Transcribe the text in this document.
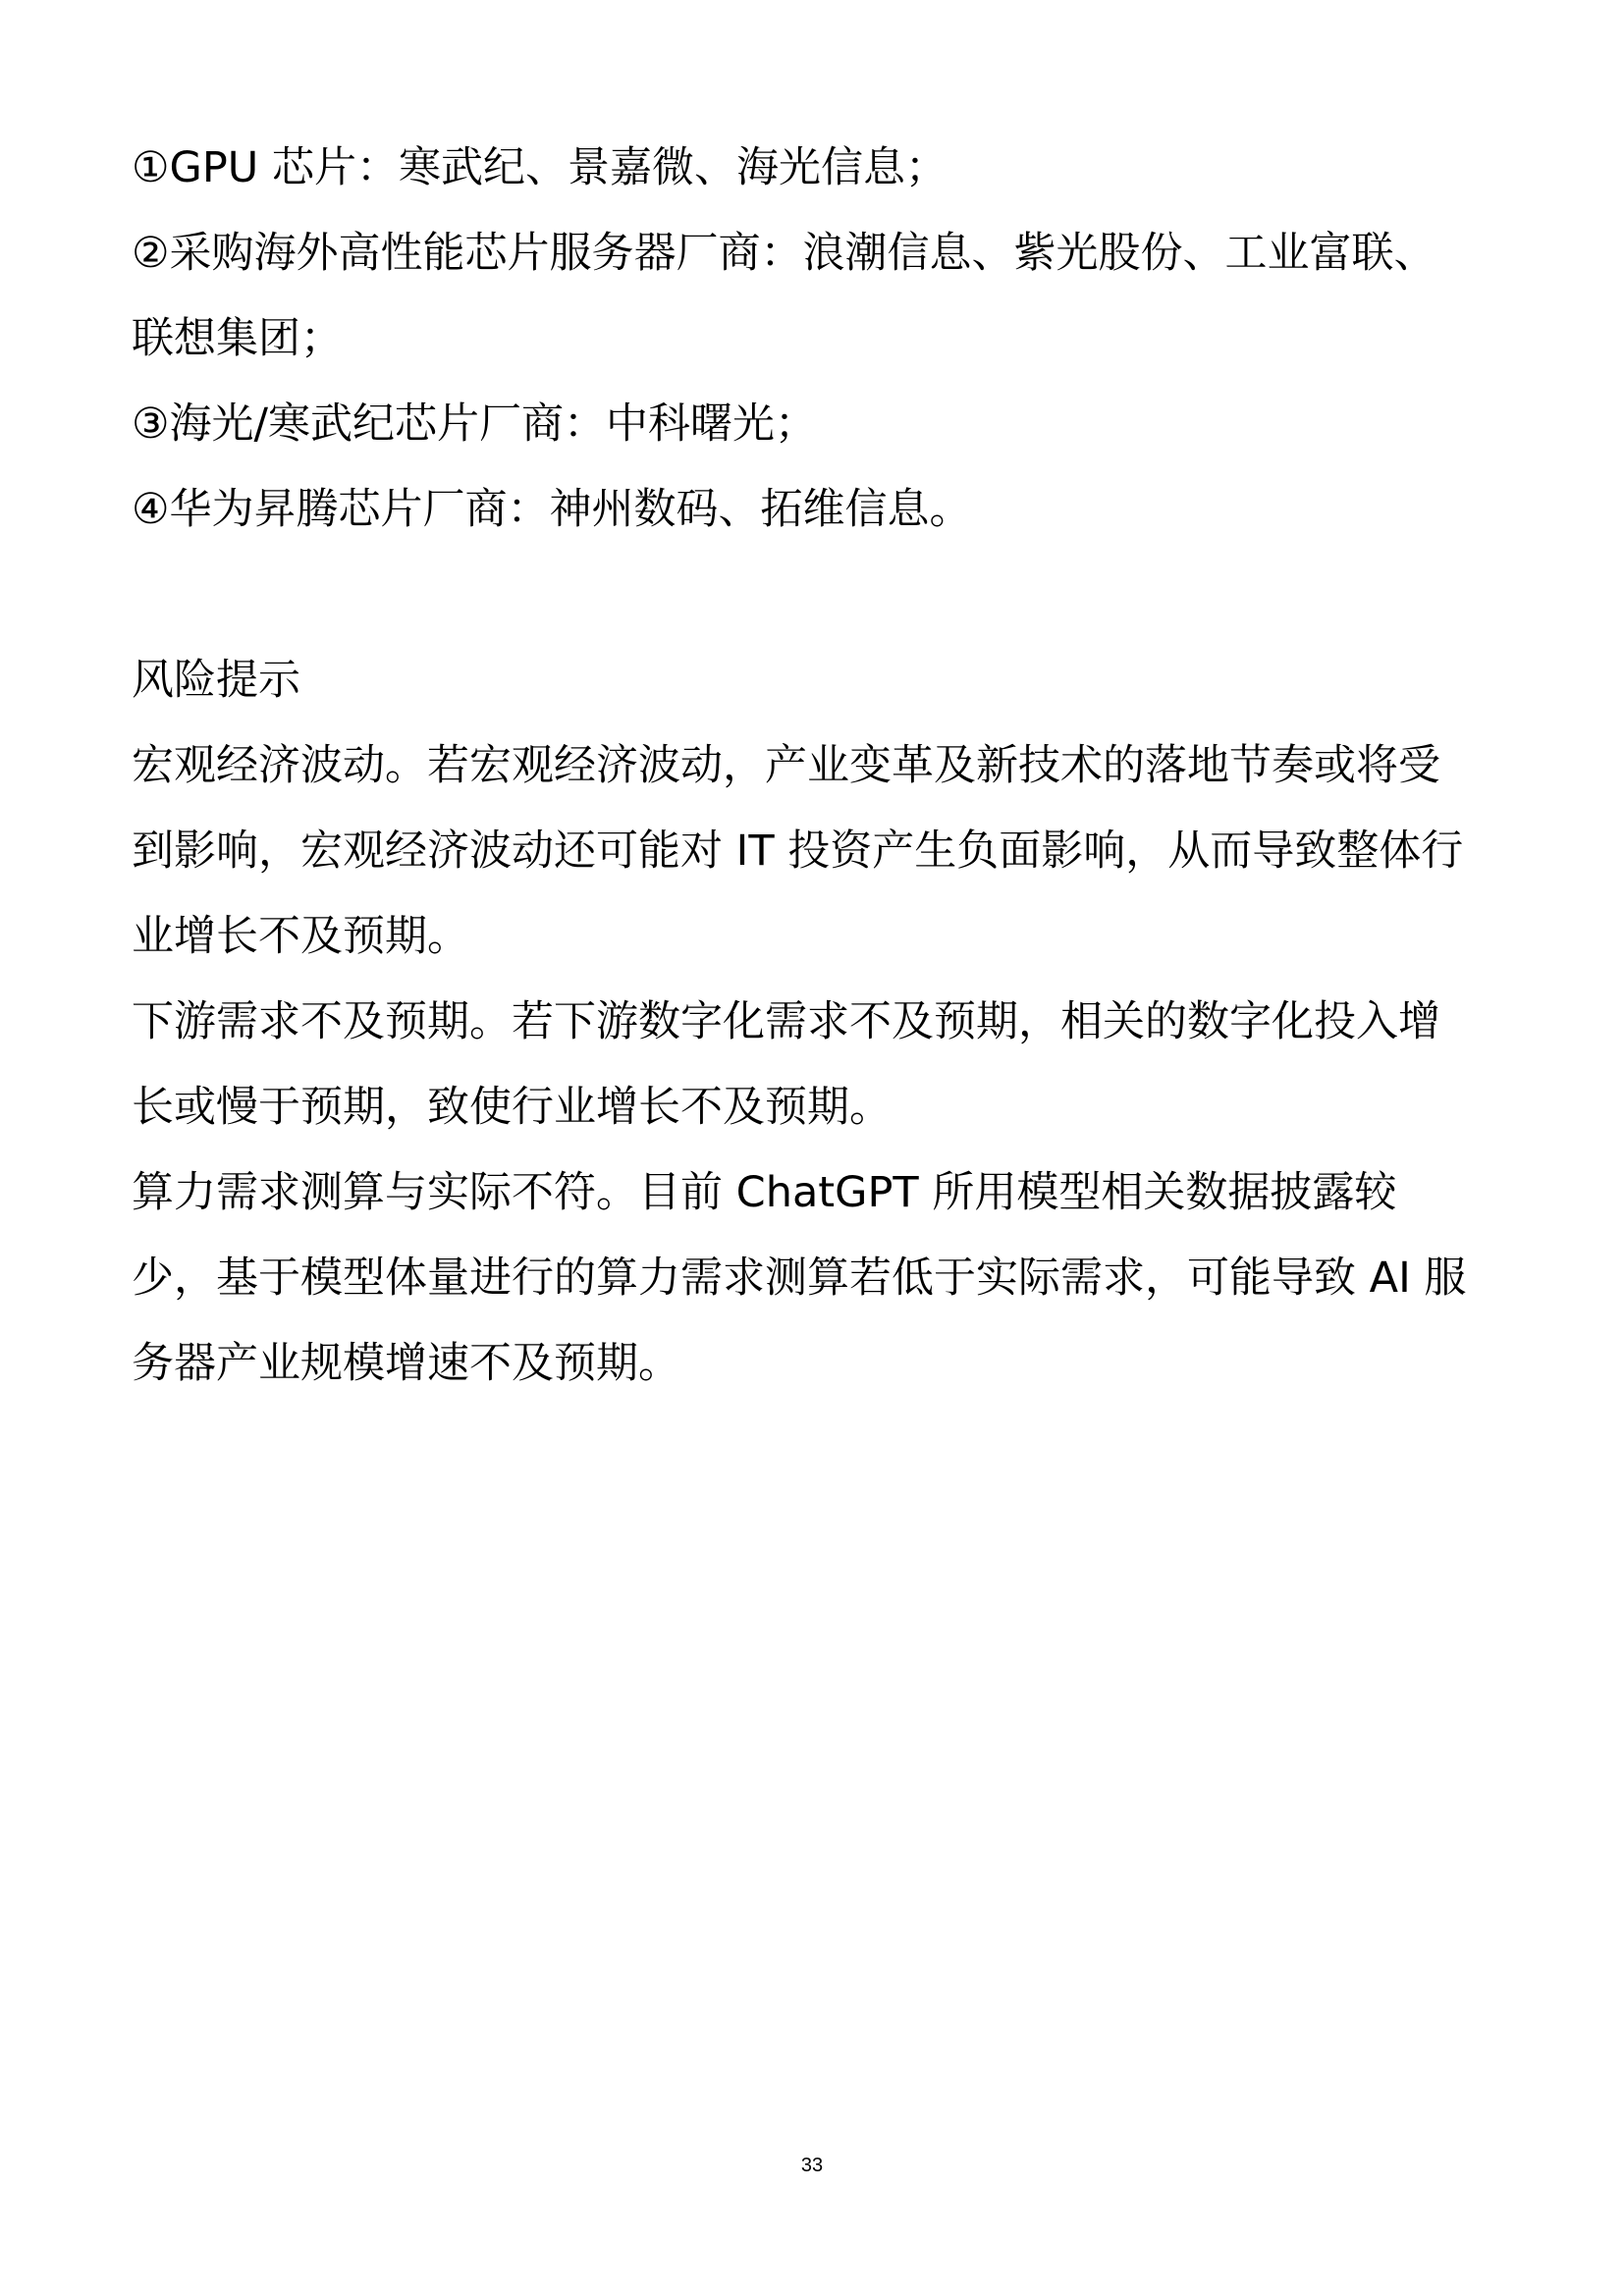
①GPU 芯片：寒武纪、景嘉微、海光信息；

②采购海外高性能芯片服务器厂商：浪潮信息、紫光股份、工业富联、

联想集团；

③海光/寒武纪芯片厂商：中科曙光；

④华为昇腾芯片厂商：神州数码、拓维信息。

风险提示

宏观经济波动。若宏观经济波动，产业变革及新技术的落地节奏或将受

到影响，宏观经济波动还可能对 IT 投资产生负面影响，从而导致整体行

业增长不及预期。

下游需求不及预期。若下游数字化需求不及预期，相关的数字化投入增

长或慢于预期，致使行业增长不及预期。

算力需求测算与实际不符。目前 ChatGPT 所用模型相关数据披露较

少，基于模型体量进行的算力需求测算若低于实际需求，可能导致 AI 服

务器产业规模增速不及预期。

33
